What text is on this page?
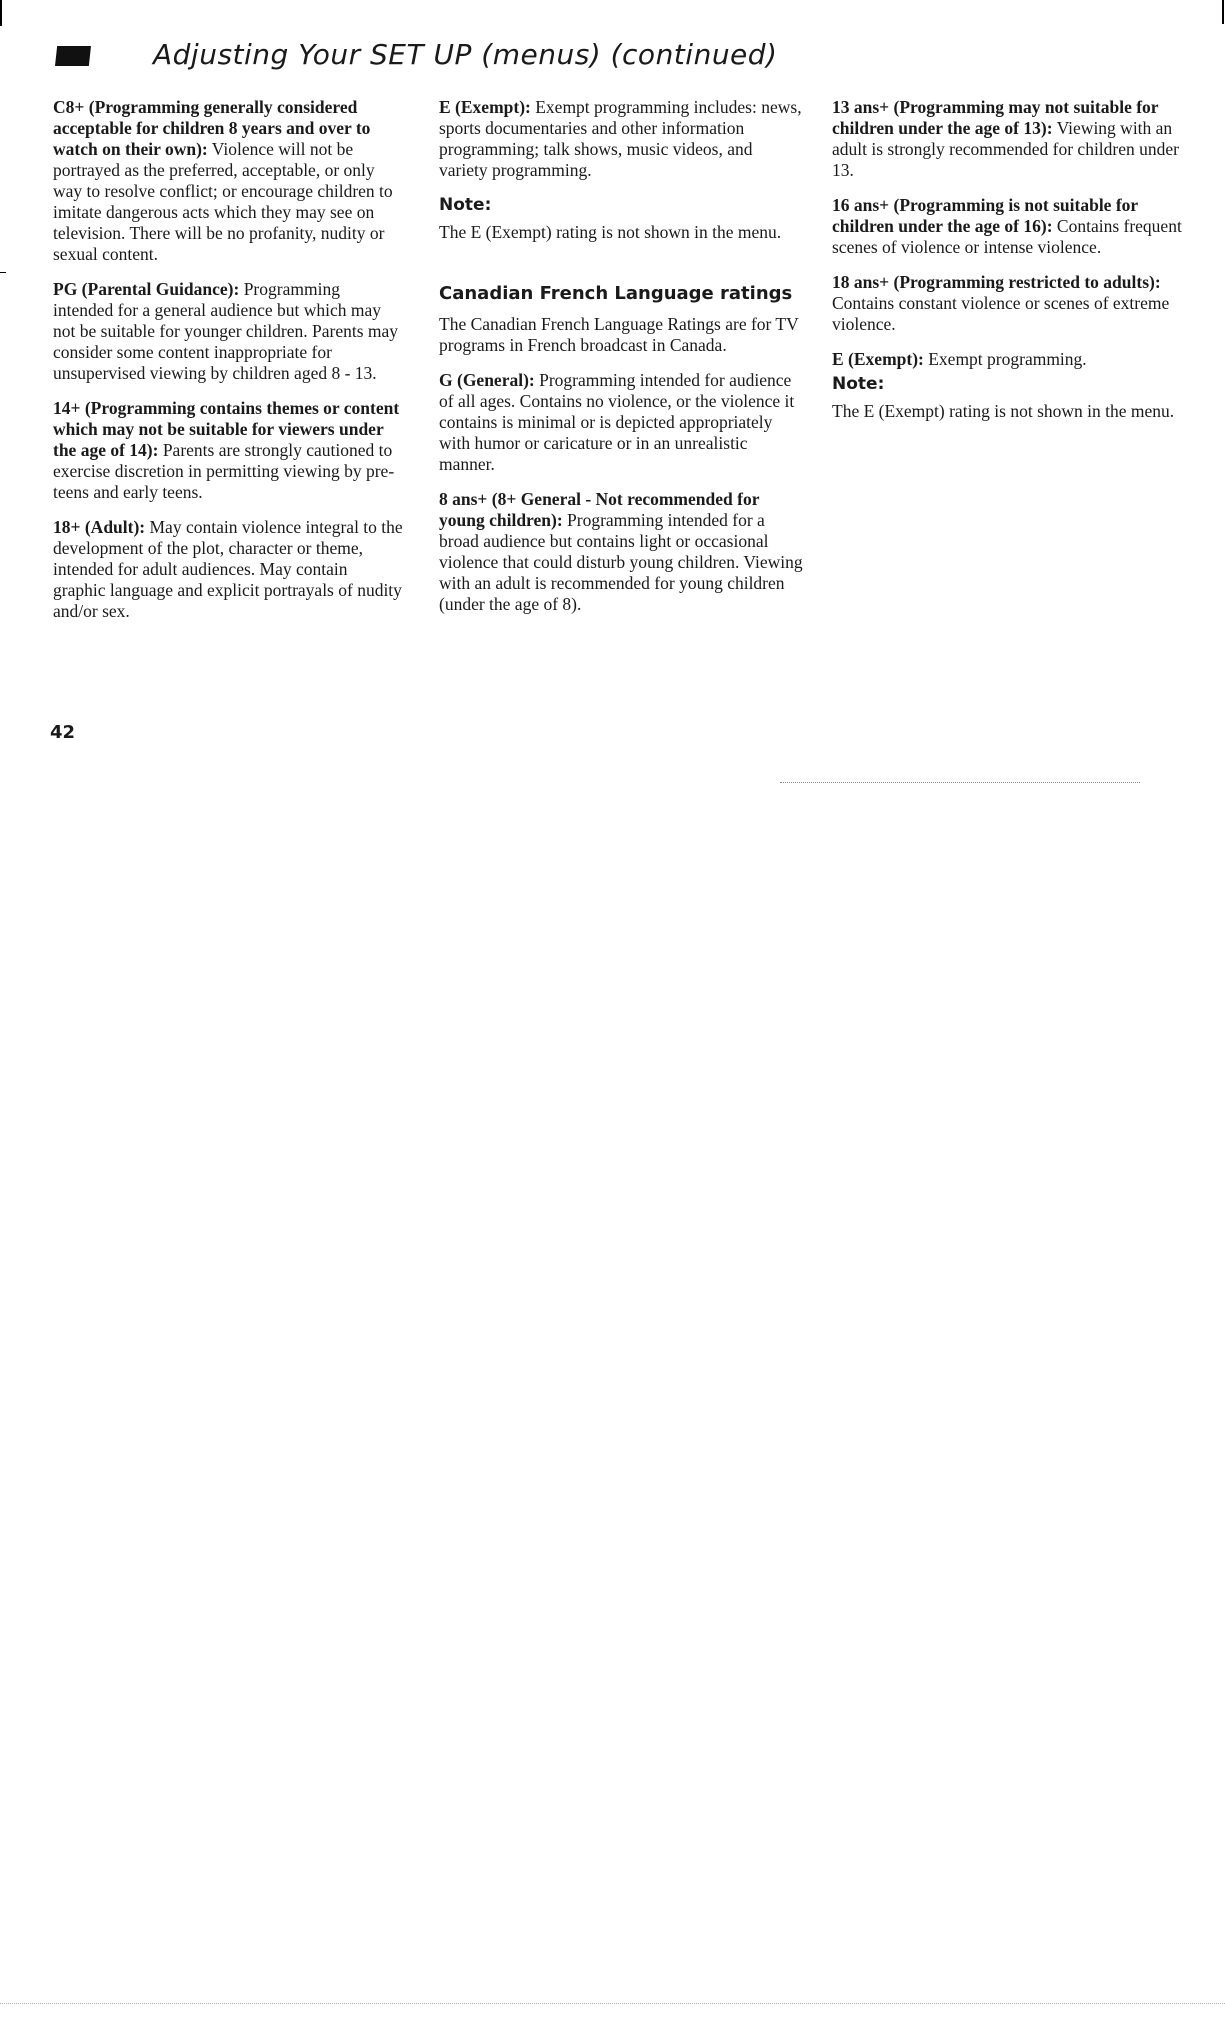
Adjusting Your SET UP (menus) (continued)

C8+ (Programming generally considered acceptable for children 8 years and over to watch on their own): Violence will not be portrayed as the preferred, acceptable, or only way to resolve conflict; or encourage children to imitate dangerous acts which they may see on television. There will be no profanity, nudity or sexual content.

PG (Parental Guidance): Programming intended for a general audience but which may not be suitable for younger children. Parents may consider some content inappropriate for unsupervised viewing by children aged 8 - 13.

14+ (Programming contains themes or content which may not be suitable for viewers under the age of 14): Parents are strongly cautioned to exercise discretion in permitting viewing by pre-teens and early teens.

18+ (Adult): May contain violence integral to the development of the plot, character or theme, intended for adult audiences. May contain graphic language and explicit portrayals of nudity and/or sex.

E (Exempt): Exempt programming includes: news, sports documentaries and other information programming; talk shows, music videos, and variety programming.

Note:

The E (Exempt) rating is not shown in the menu.

Canadian French Language ratings

The Canadian French Language Ratings are for TV programs in French broadcast in Canada.

G (General): Programming intended for audience of all ages. Contains no violence, or the violence it contains is minimal or is depicted appropriately with humor or caricature or in an unrealistic manner.

8 ans+ (8+ General - Not recommended for young children): Programming intended for a broad audience but contains light or occasional violence that could disturb young children. Viewing with an adult is recommended for young children (under the age of 8).

13 ans+ (Programming may not suitable for children under the age of 13): Viewing with an adult is strongly recommended for children under 13.

16 ans+ (Programming is not suitable for children under the age of 16): Contains frequent scenes of violence or intense violence.

18 ans+ (Programming restricted to adults): Contains constant violence or scenes of extreme violence.

E (Exempt): Exempt programming.

Note:

The E (Exempt) rating is not shown in the menu.

42
